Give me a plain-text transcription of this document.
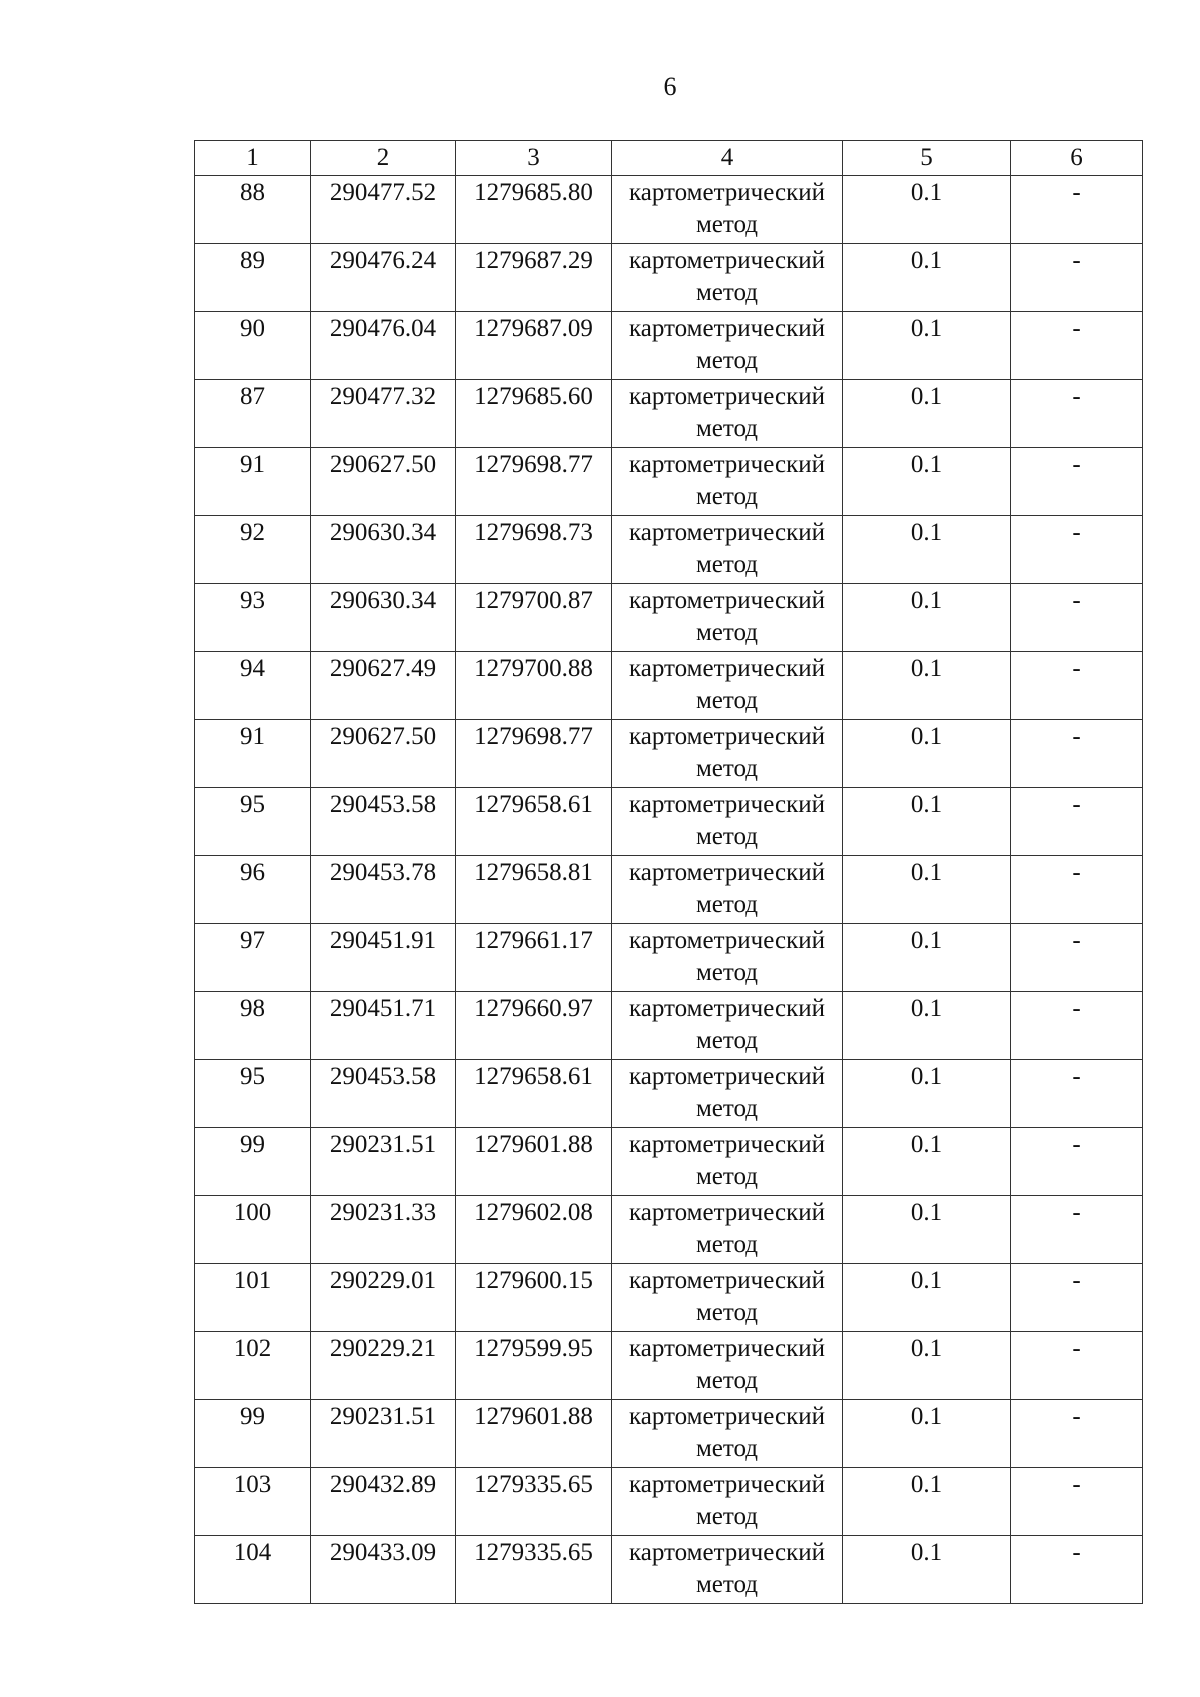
6
1	2	3	4	5	6
88	290477.52	1279685.80	картометрический метод	0.1	-
89	290476.24	1279687.29	картометрический метод	0.1	-
90	290476.04	1279687.09	картометрический метод	0.1	-
87	290477.32	1279685.60	картометрический метод	0.1	-
91	290627.50	1279698.77	картометрический метод	0.1	-
92	290630.34	1279698.73	картометрический метод	0.1	-
93	290630.34	1279700.87	картометрический метод	0.1	-
94	290627.49	1279700.88	картометрический метод	0.1	-
91	290627.50	1279698.77	картометрический метод	0.1	-
95	290453.58	1279658.61	картометрический метод	0.1	-
96	290453.78	1279658.81	картометрический метод	0.1	-
97	290451.91	1279661.17	картометрический метод	0.1	-
98	290451.71	1279660.97	картометрический метод	0.1	-
95	290453.58	1279658.61	картометрический метод	0.1	-
99	290231.51	1279601.88	картометрический метод	0.1	-
100	290231.33	1279602.08	картометрический метод	0.1	-
101	290229.01	1279600.15	картометрический метод	0.1	-
102	290229.21	1279599.95	картометрический метод	0.1	-
99	290231.51	1279601.88	картометрический метод	0.1	-
103	290432.89	1279335.65	картометрический метод	0.1	-
104	290433.09	1279335.65	картометрический метод	0.1	-
